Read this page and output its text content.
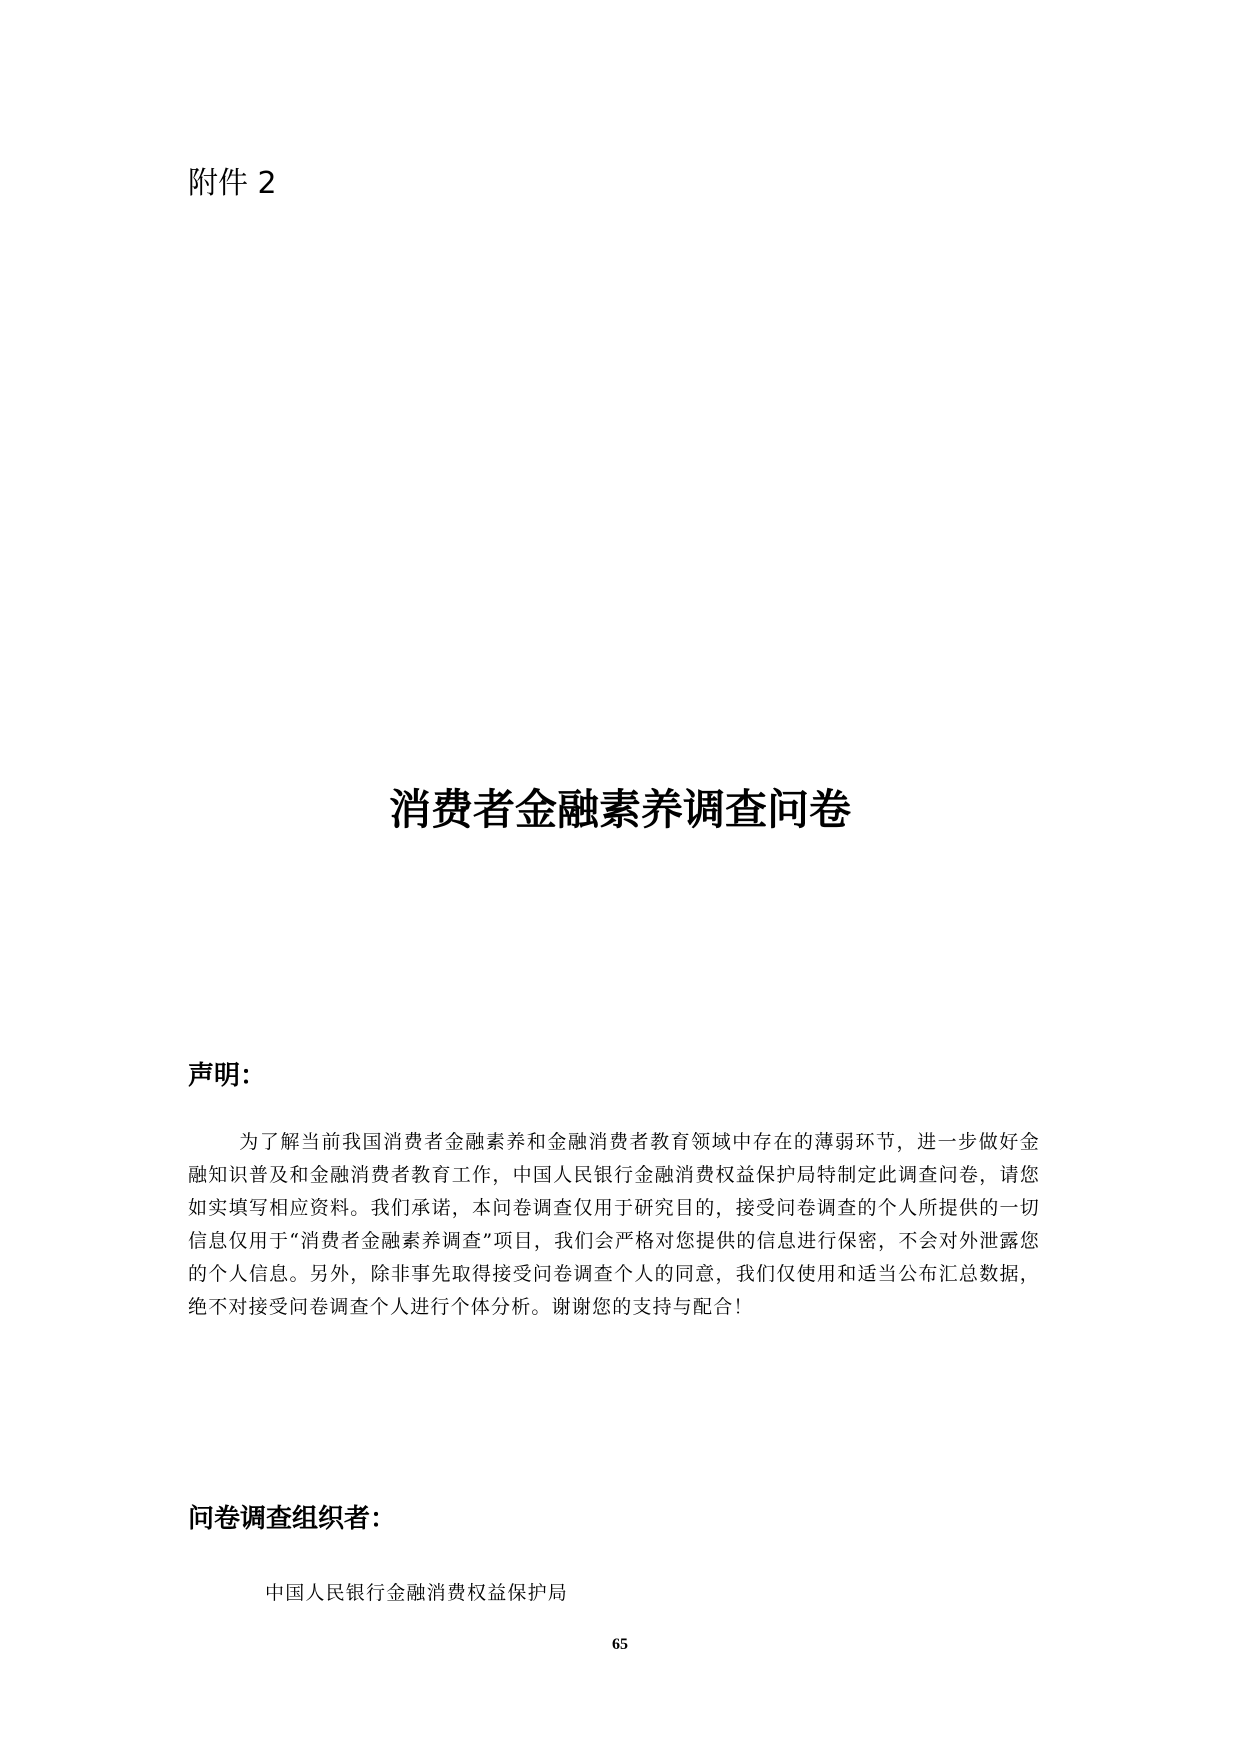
附件 2
消费者金融素养调查问卷
声明：

为了解当前我国消费者金融素养和金融消费者教育领域中存在的薄弱环节，进一步做好金融知识普及和金融消费者教育工作，中国人民银行金融消费权益保护局特制定此调查问卷，请您如实填写相应资料。我们承诺，本问卷调查仅用于研究目的，接受问卷调查的个人所提供的一切信息仅用于“消费者金融素养调查”项目，我们会严格对您提供的信息进行保密，不会对外泄露您的个人信息。另外，除非事先取得接受问卷调查个人的同意，我们仅使用和适当公布汇总数据，绝不对接受问卷调查个人进行个体分析。谢谢您的支持与配合！

问卷调查组织者：
中国人民银行金融消费权益保护局
65
